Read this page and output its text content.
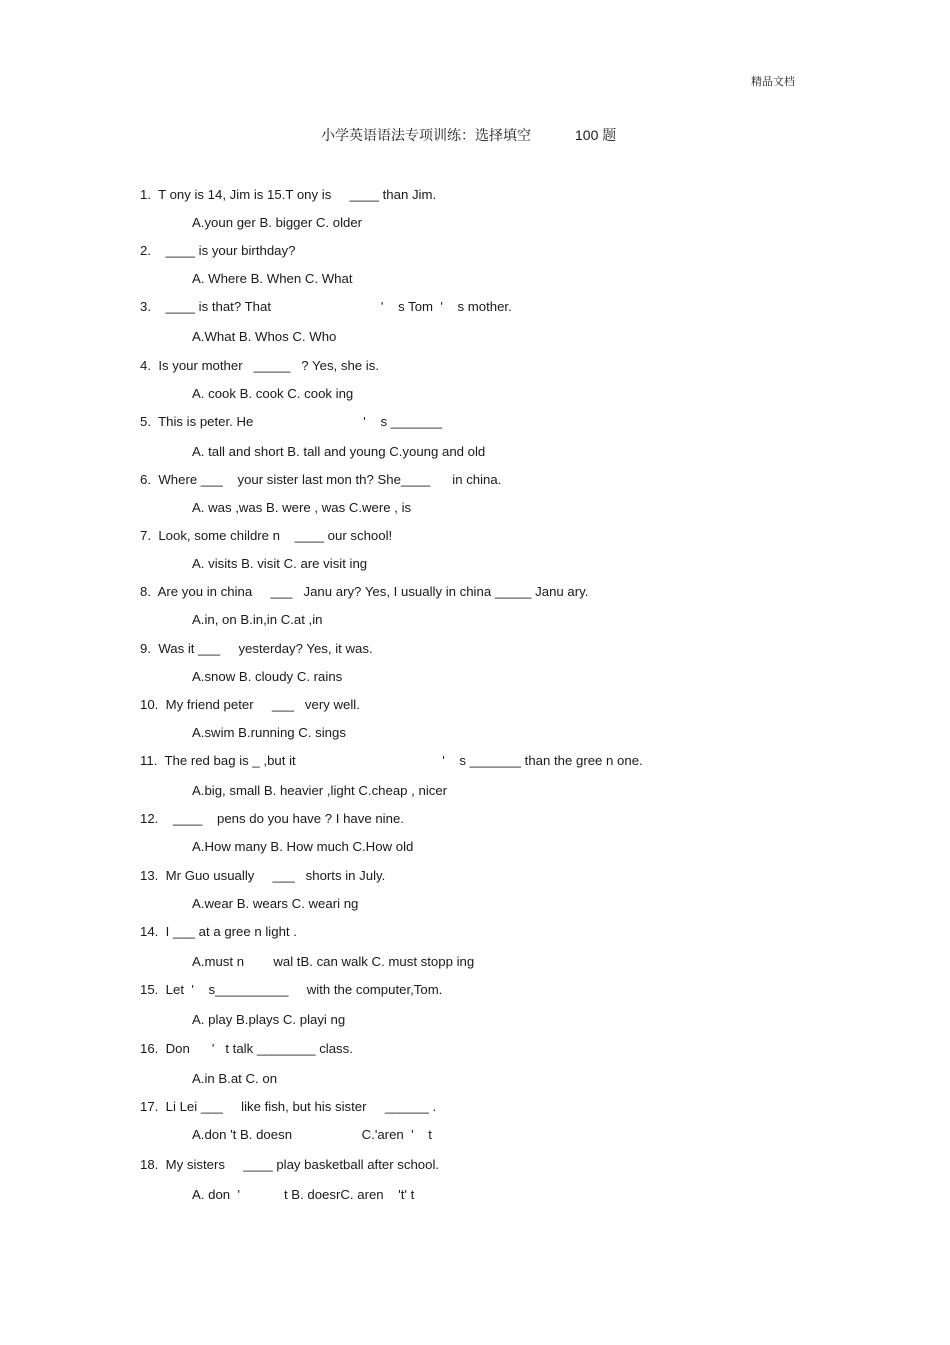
精品文档
小学英语语法专项训练：选择填空	100 题
1.  T ony is 14, Jim is 15.T ony is     ____ than Jim.
A.youn ger B. bigger C. older
2.    ____ is your birthday?
A. Where B. When C. What
3.    ____ is that? That                              '    s Tom  '    s mother.
A.What B. Whos C. Who
4.  Is your mother   _____   ? Yes, she is.
A. cook B. cook C. cook ing
5.  This is peter. He                              '    s _______
A. tall and short B. tall and young C.young and old
6.  Where ___    your sister last mon th? She____      in china.
A. was ,was B. were , was C.were , is
7.  Look, some childre n    ____ our school!
A. visits B. visit C. are visit ing
8.  Are you in china     ___   Janu ary? Yes, I usually in china _____ Janu ary.
A.in, on B.in,in C.at ,in
9.  Was it ___     yesterday? Yes, it was.
A.snow B. cloudy C. rains
10.  My friend peter     ___   very well.
A.swim B.running C. sings
11.  The red bag is _ ,but it                                        '    s _______ than the gree n one.
A.big, small B. heavier ,light C.cheap , nicer
12.    ____    pens do you have ? I have nine.
A.How many B. How much C.How old
13.  Mr Guo usually     ___   shorts in July.
A.wear B. wears C. weari ng
14.  I ___ at a gree n light .
A.must n        wal tB. can walk C. must stopp ing
15.  Let  '    s__________     with the computer,Tom.
A. play B.plays C. playi ng
16.  Don      '   t talk ________ class.
A.in B.at C. on
17.  Li Lei ___     like fish, but his sister     ______ .
A.don 't B. doesn                   C.'aren  '    t
18.  My sisters     ____ play basketball after school.
A. don  '            t B. doesrC. aren    't' t
